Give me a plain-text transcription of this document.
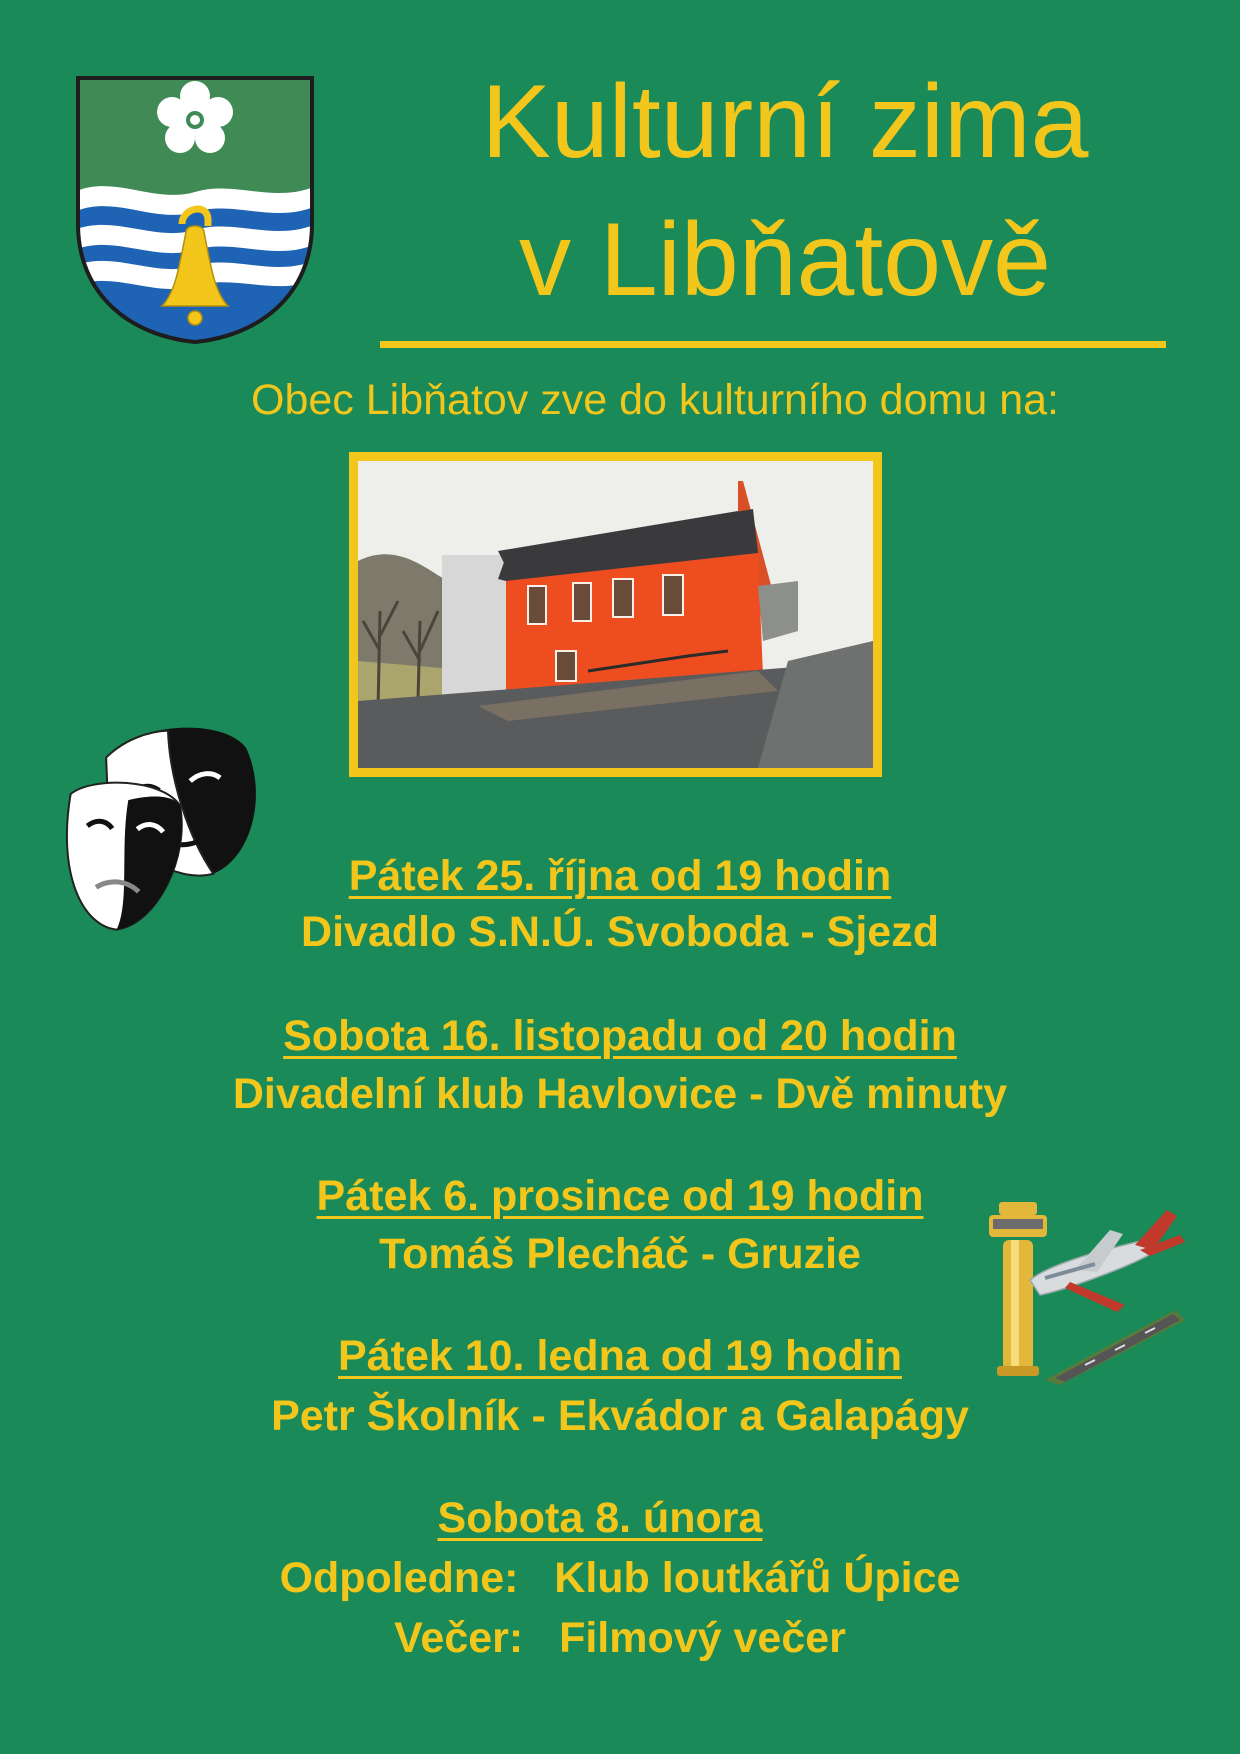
Kulturní zima
v Libňatově
Obec Libňatov zve do kulturního domu na:
Pátek 25. října od 19 hodin
Divadlo S.N.Ú. Svoboda - Sjezd
Sobota 16. listopadu od 20 hodin
Divadelní klub Havlovice - Dvě minuty
Pátek 6. prosince od 19 hodin
Tomáš Plecháč - Gruzie
Pátek 10. ledna od 19 hodin
Petr Školník - Ekvádor a Galapágy
Sobota 8. února
Odpoledne: Klub loutkářů Úpice
Večer: Filmový večer
